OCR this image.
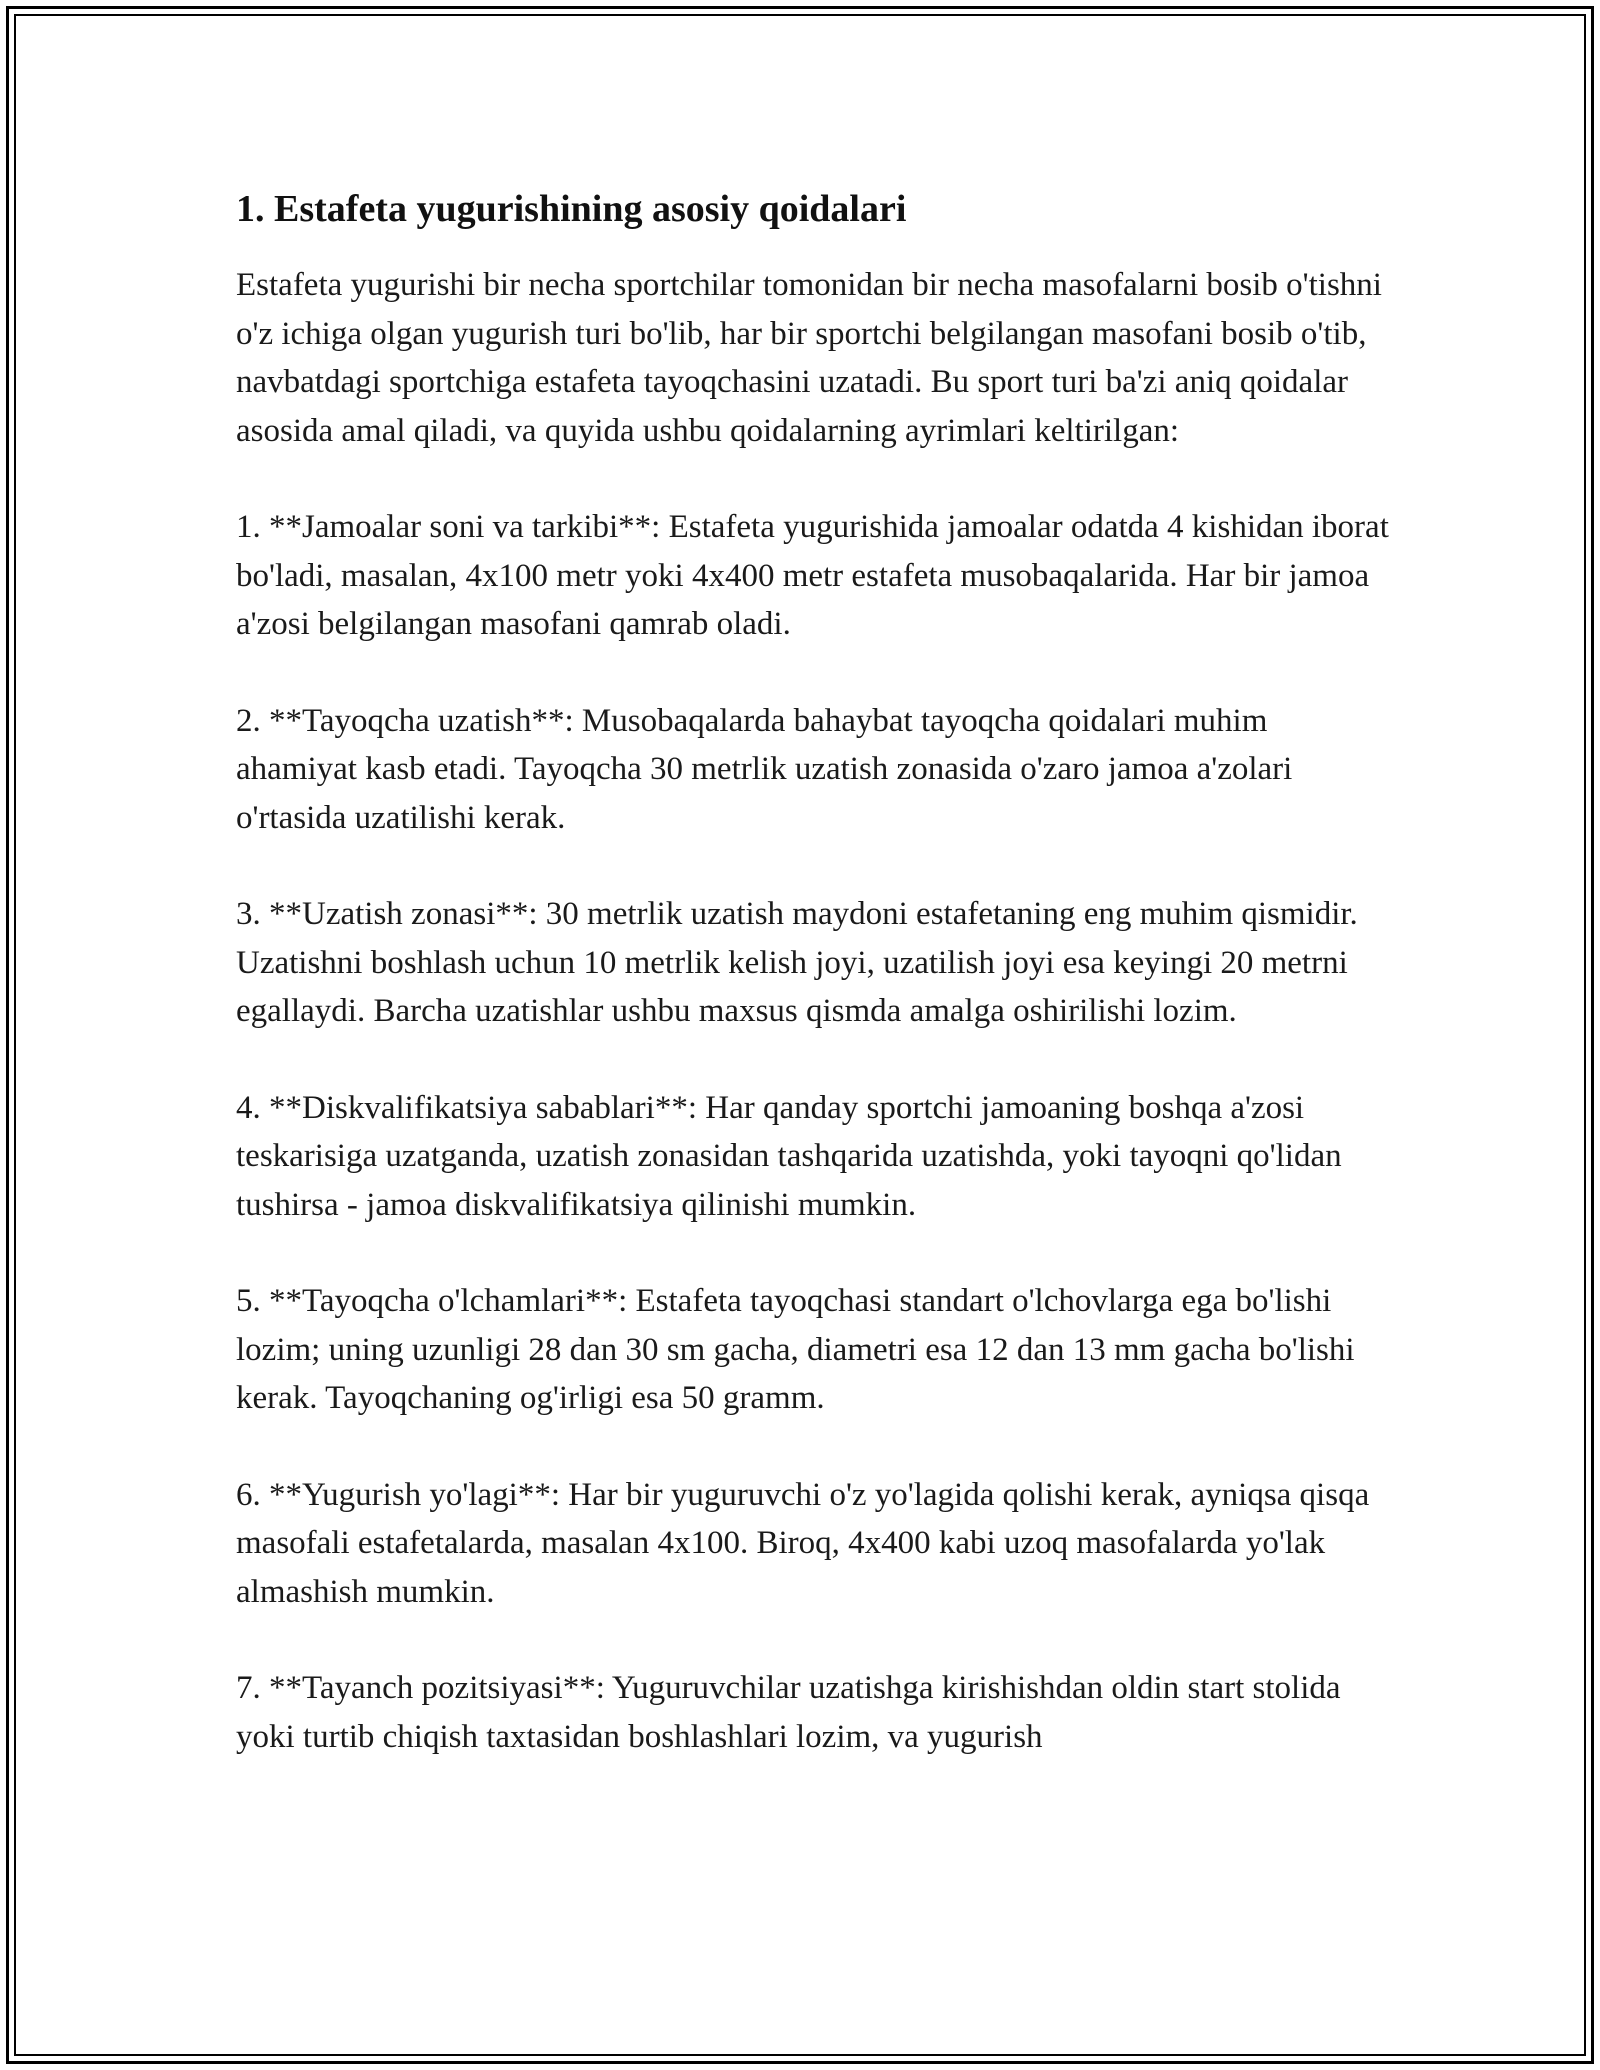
1. Estafeta yugurishining asosiy qoidalari

Estafeta yugurishi bir necha sportchilar tomonidan bir necha masofalarni bosib o'tishni o'z ichiga olgan yugurish turi bo'lib, har bir sportchi belgilangan masofani bosib o'tib, navbatdagi sportchiga estafeta tayoqchasini uzatadi. Bu sport turi ba'zi aniq qoidalar asosida amal qiladi, va quyida ushbu qoidalarning ayrimlari keltirilgan:

1. **Jamoalar soni va tarkibi**: Estafeta yugurishida jamoalar odatda 4 kishidan iborat bo'ladi, masalan, 4x100 metr yoki 4x400 metr estafeta musobaqalarida. Har bir jamoa a'zosi belgilangan masofani qamrab oladi.

2. **Tayoqcha uzatish**: Musobaqalarda bahaybat tayoqcha qoidalari muhim ahamiyat kasb etadi. Tayoqcha 30 metrlik uzatish zonasida o'zaro jamoa a'zolari o'rtasida uzatilishi kerak.

3. **Uzatish zonasi**: 30 metrlik uzatish maydoni estafetaning eng muhim qismidir. Uzatishni boshlash uchun 10 metrlik kelish joyi, uzatilish joyi esa keyingi 20 metrni egallaydi. Barcha uzatishlar ushbu maxsus qismda amalga oshirilishi lozim.

4. **Diskvalifikatsiya sabablari**: Har qanday sportchi jamoaning boshqa a'zosi teskarisiga uzatganda, uzatish zonasidan tashqarida uzatishda, yoki tayoqni qo'lidan tushirsa - jamoa diskvalifikatsiya qilinishi mumkin.

5. **Tayoqcha o'lchamlari**: Estafeta tayoqchasi standart o'lchovlarga ega bo'lishi lozim; uning uzunligi 28 dan 30 sm gacha, diametri esa 12 dan 13 mm gacha bo'lishi kerak. Tayoqchaning og'irligi esa 50 gramm.

6. **Yugurish yo'lagi**: Har bir yuguruvchi o'z yo'lagida qolishi kerak, ayniqsa qisqa masofali estafetalarda, masalan 4x100. Biroq, 4x400 kabi uzoq masofalarda yo'lak almashish mumkin.

7. **Tayanch pozitsiyasi**: Yuguruvchilar uzatishga kirishishdan oldin start stolida yoki turtib chiqish taxtasidan boshlashlari lozim, va yugurish
